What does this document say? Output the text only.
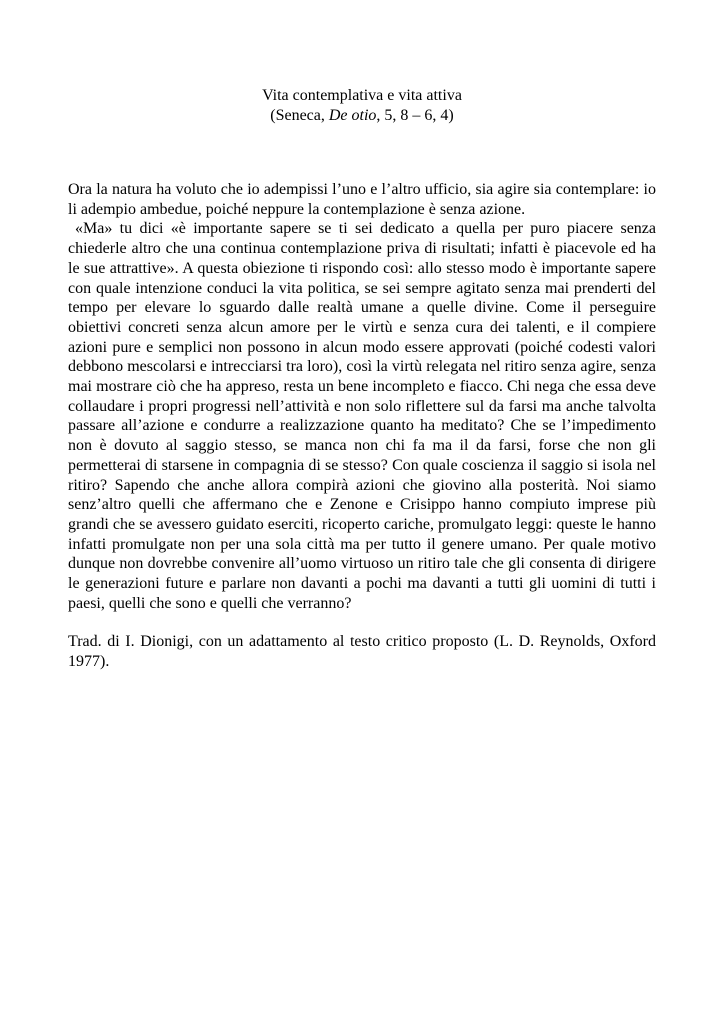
Vita contemplativa e vita attiva
(Seneca, De otio, 5, 8 – 6, 4)

Ora la natura ha voluto che io adempissi l’uno e l’altro ufficio, sia agire sia contemplare: io li adempio ambedue, poiché neppure la contemplazione è senza azione.

«Ma» tu dici «è importante sapere se ti sei dedicato a quella per puro piacere senza chiederle altro che una continua contemplazione priva di risultati; infatti è piacevole ed ha le sue attrattive». A questa obiezione ti rispondo così: allo stesso modo è importante sapere con quale intenzione conduci la vita politica, se sei sempre agitato senza mai prenderti del tempo per elevare lo sguardo dalle realtà umane a quelle divine. Come il perseguire obiettivi concreti senza alcun amore per le virtù e senza cura dei talenti, e il compiere azioni pure e semplici non possono in alcun modo essere approvati (poiché codesti valori debbono mescolarsi e intrecciarsi tra loro), così la virtù relegata nel ritiro senza agire, senza mai mostrare ciò che ha appreso, resta un bene incompleto e fiacco. Chi nega che essa deve collaudare i propri progressi nell’attività e non solo riflettere sul da farsi ma anche talvolta passare all’azione e condurre a realizzazione quanto ha meditato? Che se l’impedimento non è dovuto al saggio stesso, se manca non chi fa ma il da farsi, forse che non gli permetterai di starsene in compagnia di se stesso? Con quale coscienza il saggio si isola nel ritiro? Sapendo che anche allora compirà azioni che giovino alla posterità. Noi siamo senz’altro quelli che affermano che e Zenone e Crisippo hanno compiuto imprese più grandi che se avessero guidato eserciti, ricoperto cariche, promulgato leggi: queste le hanno infatti promulgate non per una sola città ma per tutto il genere umano. Per quale motivo dunque non dovrebbe convenire all’uomo virtuoso un ritiro tale che gli consenta di dirigere le generazioni future e parlare non davanti a pochi ma davanti a tutti gli uomini di tutti i paesi, quelli che sono e quelli che verranno?

Trad. di I. Dionigi, con un adattamento al testo critico proposto (L. D. Reynolds, Oxford 1977).
